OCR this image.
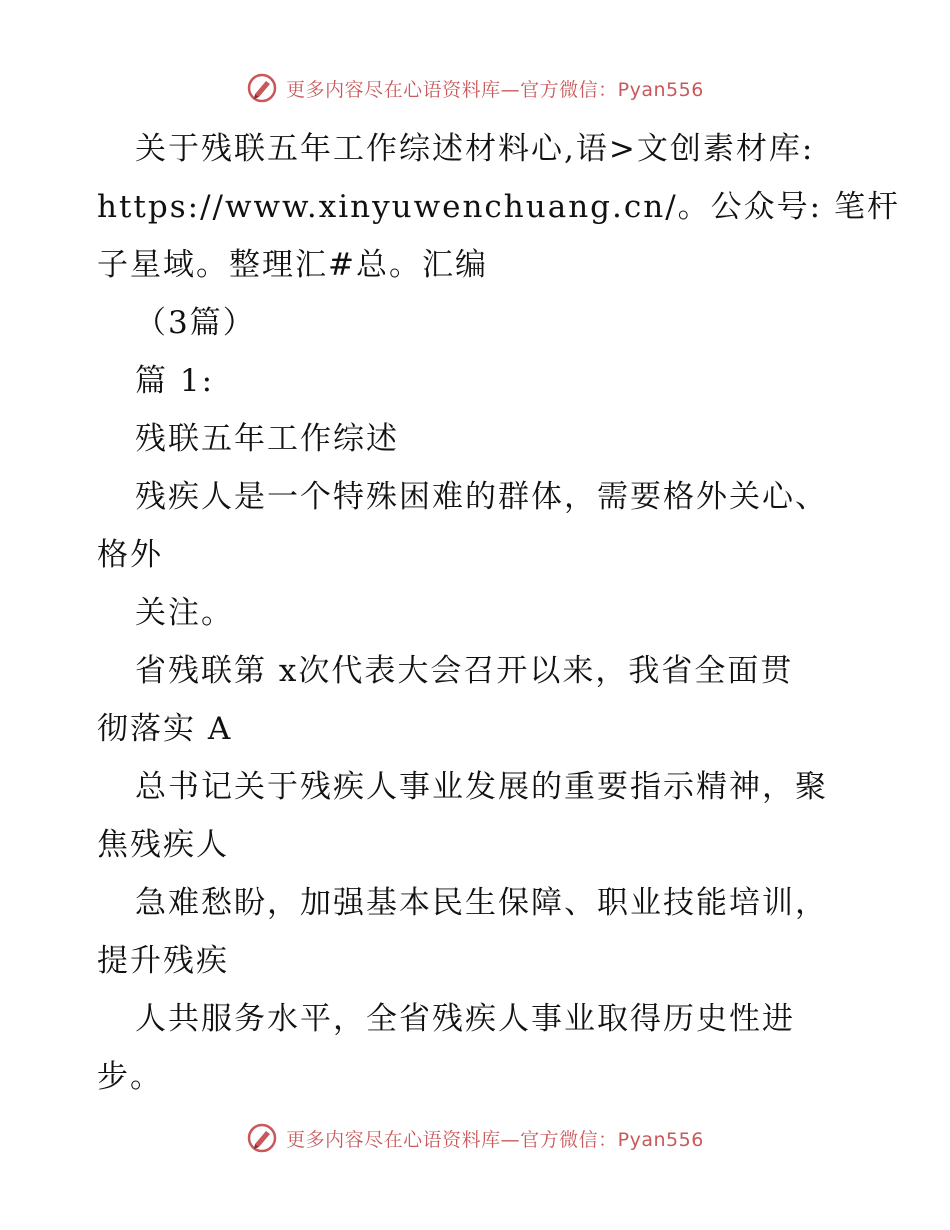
更多内容尽在心语资料库—官方微信：Pyan556
关于残联五年工作综述材料心,语>文创素材库:
https://www.xinyuwenchuang.cn/。公众号: 笔杆
子星域。整理汇#总。汇编
（3篇）
篇 1:
残联五年工作综述
残疾人是一个特殊困难的群体，需要格外关心、
格外
关注。
省残联第 x次代表大会召开以来，我省全面贯
彻落实 A
总书记关于残疾人事业发展的重要指示精神，聚
焦残疾人
急难愁盼，加强基本民生保障、职业技能培训，
提升残疾
人共服务水平，全省残疾人事业取得历史性进
步。
更多内容尽在心语资料库—官方微信：Pyan556
